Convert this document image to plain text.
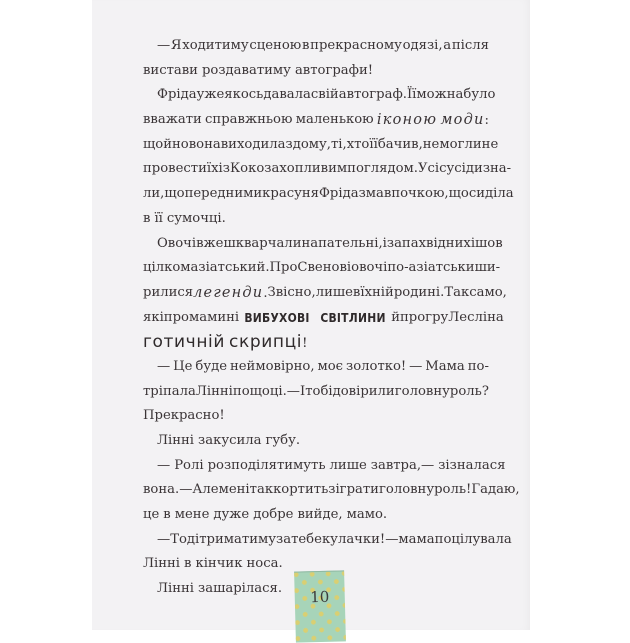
— Я ходитиму сценою в прекрасному одязі, а після
вистави роздаватиму автографи!
Фріда уже якось давала свій автограф. Її можна було
вважати справжньою маленькою іконою моди:
щойно вона виходила з дому, ті, хто її бачив, не могли не
провести їх із Коко захопливим поглядом. Усі сусіди зна-
ли, що перед ними красуня Фріда з мавпочкою, що сиділа
в її сумочці.
Овочі вже шкварчали на пательні, і запах від них ішов
цілком азіатський. Про Свенові овочі по-азіатськи ши-
рилися легенди. Звісно, лише в їхній родині. Так само,
як і про мамині ВИБУХОВІ СВІТЛИНИ й про гру Леслі на
готичній скрипці!
— Це буде неймовірно, моє золотко! — Мама по-
тріпала Лінні по щоці.— І тобі довірили головну роль?
Прекрасно!
Лінні закусила губу.
— Ролі розподілятимуть лише завтра,— зізналася
вона.— Але мені так кортить зіграти головну роль! Гадаю,
це в мене дуже добре вийде, мамо.
— Тоді триматиму за тебе кулачки! — мама поцілувала
Лінні в кінчик носа.
Лінні зашарілася.	10
